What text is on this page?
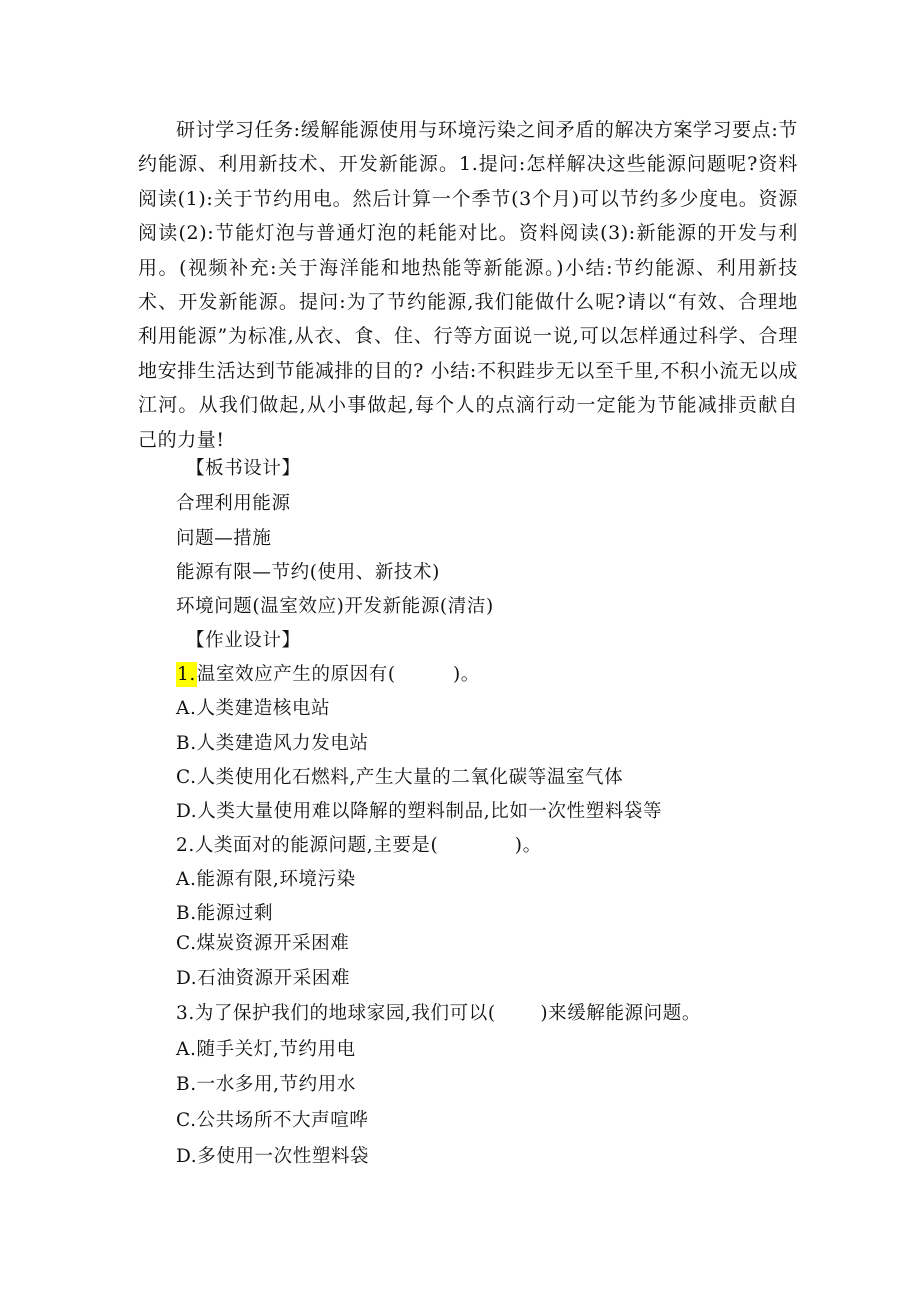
研讨学习任务:缓解能源使用与环境污染之间矛盾的解决方案学习要点:节约能源、利用新技术、开发新能源。1.提问:怎样解决这些能源问题呢?资料阅读(1):关于节约用电。然后计算一个季节(3个月)可以节约多少度电。资源阅读(2):节能灯泡与普通灯泡的耗能对比。资料阅读(3):新能源的开发与利用。(视频补充:关于海洋能和地热能等新能源。)小结:节约能源、利用新技术、开发新能源。提问:为了节约能源,我们能做什么呢?请以“有效、合理地利用能源”为标准,从衣、食、住、行等方面说一说,可以怎样通过科学、合理地安排生活达到节能减排的目的? 小结:不积跬步无以至千里,不积小流无以成江河。从我们做起,从小事做起,每个人的点滴行动一定能为节能减排贡献自己的力量!
【板书设计】
合理利用能源
问题—措施
能源有限—节约(使用、新技术)
环境问题(温室效应)开发新能源(清洁)
【作业设计】
1.温室效应产生的原因有(　　　)。
A.人类建造核电站
B.人类建造风力发电站
C.人类使用化石燃料,产生大量的二氧化碳等温室气体
D.人类大量使用难以降解的塑料制品,比如一次性塑料袋等
2.人类面对的能源问题,主要是(　　　　)。
A.能源有限,环境污染
B.能源过剩
C.煤炭资源开采困难
D.石油资源开采困难
3.为了保护我们的地球家园,我们可以(　　 )来缓解能源问题。
A.随手关灯,节约用电
B.一水多用,节约用水
C.公共场所不大声喧哗
D.多使用一次性塑料袋
